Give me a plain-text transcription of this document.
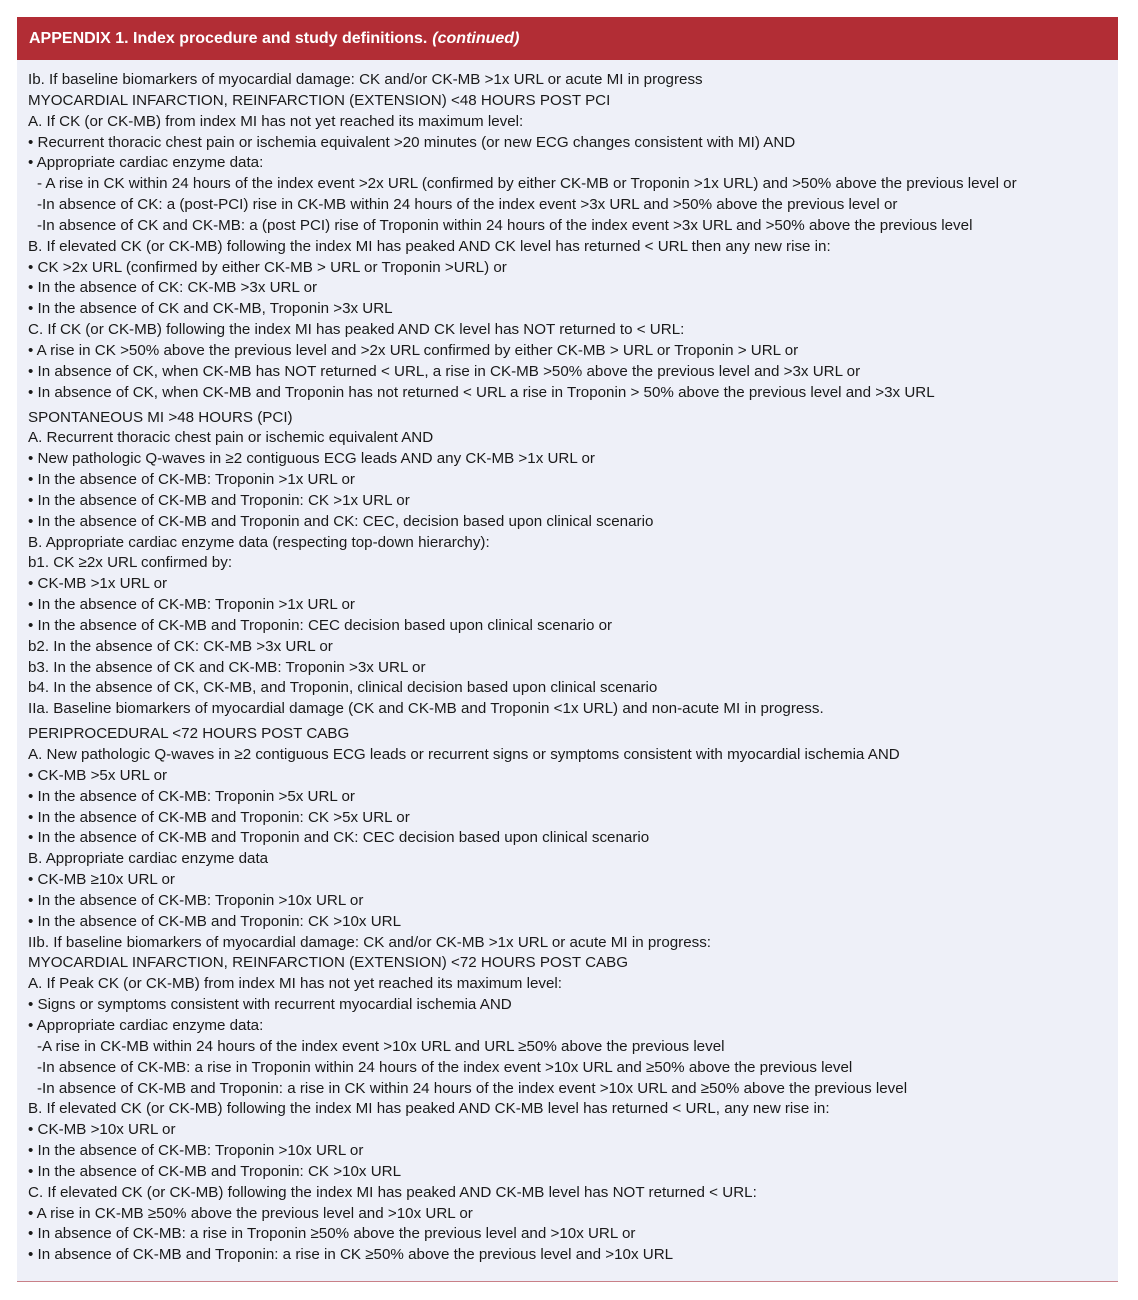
APPENDIX 1. Index procedure and study definitions. (continued)
Ib. If baseline biomarkers of myocardial damage: CK and/or CK-MB >1x URL or acute MI in progress
MYOCARDIAL INFARCTION, REINFARCTION (EXTENSION) <48 HOURS POST PCI
A. If CK (or CK-MB) from index MI has not yet reached its maximum level:
• Recurrent thoracic chest pain or ischemia equivalent >20 minutes (or new ECG changes consistent with MI) AND
• Appropriate cardiac enzyme data:
- A rise in CK within 24 hours of the index event >2x URL (confirmed by either CK-MB or Troponin >1x URL) and >50% above the previous level or
-In absence of CK: a (post-PCI) rise in CK-MB within 24 hours of the index event >3x URL and >50% above the previous level or
-In absence of CK and CK-MB: a (post PCI) rise of Troponin within 24 hours of the index event >3x URL and >50% above the previous level
B. If elevated CK (or CK-MB) following the index MI has peaked AND CK level has returned < URL then any new rise in:
• CK >2x URL (confirmed by either CK-MB > URL or Troponin >URL) or
• In the absence of CK: CK-MB >3x URL or
• In the absence of CK and CK-MB, Troponin >3x URL
C. If CK (or CK-MB) following the index MI has peaked AND CK level has NOT returned to < URL:
• A rise in CK >50% above the previous level and >2x URL confirmed by either CK-MB > URL or Troponin > URL or
• In absence of CK, when CK-MB has NOT returned < URL, a rise in CK-MB >50% above the previous level and >3x URL or
• In absence of CK, when CK-MB and Troponin has not returned < URL a rise in Troponin > 50% above the previous level and >3x URL
SPONTANEOUS MI >48 HOURS (PCI)
A. Recurrent thoracic chest pain or ischemic equivalent AND
• New pathologic Q-waves in ≥2 contiguous ECG leads AND any CK-MB >1x URL or
• In the absence of CK-MB: Troponin >1x URL or
• In the absence of CK-MB and Troponin: CK >1x URL or
• In the absence of CK-MB and Troponin and CK: CEC, decision based upon clinical scenario
B. Appropriate cardiac enzyme data (respecting top-down hierarchy):
b1. CK ≥2x URL confirmed by:
• CK-MB >1x URL or
• In the absence of CK-MB: Troponin >1x URL or
• In the absence of CK-MB and Troponin: CEC decision based upon clinical scenario or
b2. In the absence of CK: CK-MB >3x URL or
b3. In the absence of CK and CK-MB: Troponin >3x URL or
b4. In the absence of CK, CK-MB, and Troponin, clinical decision based upon clinical scenario
IIa. Baseline biomarkers of myocardial damage (CK and CK-MB and Troponin <1x URL) and non-acute MI in progress.
PERIPROCEDURAL <72 HOURS POST CABG
A. New pathologic Q-waves in ≥2 contiguous ECG leads or recurrent signs or symptoms consistent with myocardial ischemia AND
• CK-MB >5x URL or
• In the absence of CK-MB: Troponin >5x URL or
• In the absence of CK-MB and Troponin: CK >5x URL or
• In the absence of CK-MB and Troponin and CK: CEC decision based upon clinical scenario
B. Appropriate cardiac enzyme data
• CK-MB ≥10x URL or
• In the absence of CK-MB: Troponin >10x URL or
• In the absence of CK-MB and Troponin: CK >10x URL
IIb. If baseline biomarkers of myocardial damage: CK and/or CK-MB >1x URL or acute MI in progress:
MYOCARDIAL INFARCTION, REINFARCTION (EXTENSION) <72 HOURS POST CABG
A. If Peak CK (or CK-MB) from index MI has not yet reached its maximum level:
• Signs or symptoms consistent with recurrent myocardial ischemia AND
• Appropriate cardiac enzyme data:
-A rise in CK-MB within 24 hours of the index event >10x URL and URL ≥50% above the previous level
-In absence of CK-MB: a rise in Troponin within 24 hours of the index event >10x URL and ≥50% above the previous level
-In absence of CK-MB and Troponin: a rise in CK within 24 hours of the index event >10x URL and ≥50% above the previous level
B. If elevated CK (or CK-MB) following the index MI has peaked AND CK-MB level has returned < URL, any new rise in:
• CK-MB >10x URL or
• In the absence of CK-MB: Troponin >10x URL or
• In the absence of CK-MB and Troponin: CK >10x URL
C. If elevated CK (or CK-MB) following the index MI has peaked AND CK-MB level has NOT returned < URL:
• A rise in CK-MB ≥50% above the previous level and >10x URL or
• In absence of CK-MB: a rise in Troponin ≥50% above the previous level and >10x URL or
• In absence of CK-MB and Troponin: a rise in CK ≥50% above the previous level and >10x URL
